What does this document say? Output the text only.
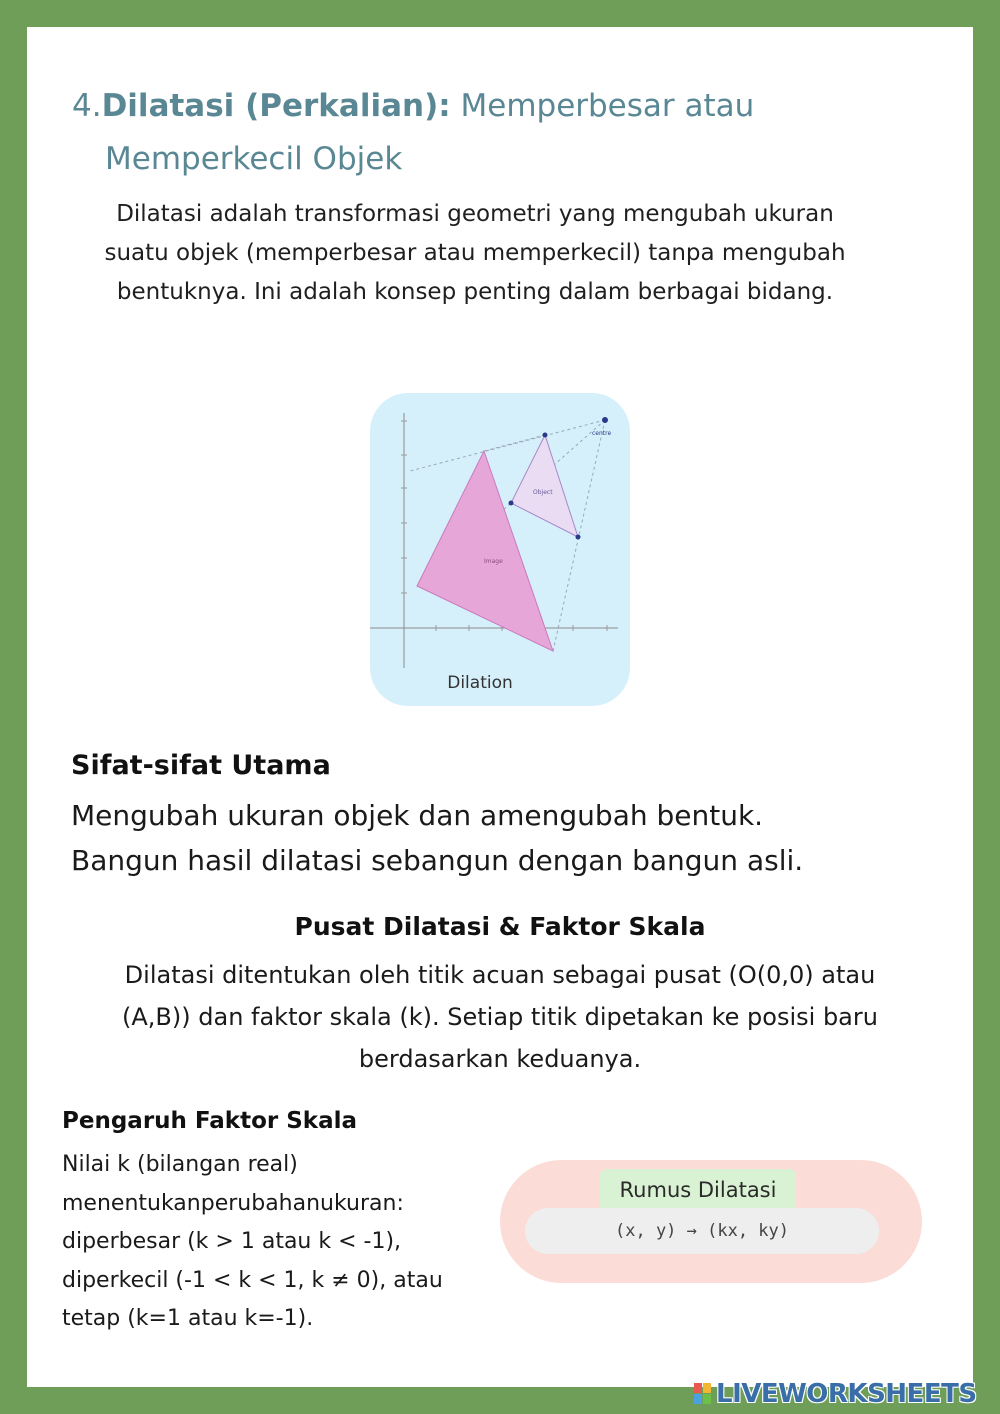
4.Dilatasi (Perkalian): Memperbesar atau
Memperkecil Objek
Dilatasi adalah transformasi geometri yang mengubah ukuran suatu objek (memperbesar atau memperkecil) tanpa mengubah bentuknya. Ini adalah konsep penting dalam berbagai bidang.
Object
Image
centre
Dilation
Sifat-sifat Utama
Mengubah ukuran objek dan amengubah bentuk.
Bangun hasil dilatasi sebangun dengan bangun asli.
Pusat Dilatasi & Faktor Skala
Dilatasi ditentukan oleh titik acuan sebagai pusat (O(0,0) atau (A,B)) dan faktor skala (k). Setiap titik dipetakan ke posisi baru berdasarkan keduanya.
Pengaruh Faktor Skala
Nilai k (bilangan real) menentukanperubahanukuran: diperbesar (k > 1 atau k < -1), diperkecil (-1 < k < 1, k ≠ 0), atau tetap (k=1 atau k=-1).
Rumus Dilatasi
(x, y) → (kx, ky)
LIVEWORKSHEETS
